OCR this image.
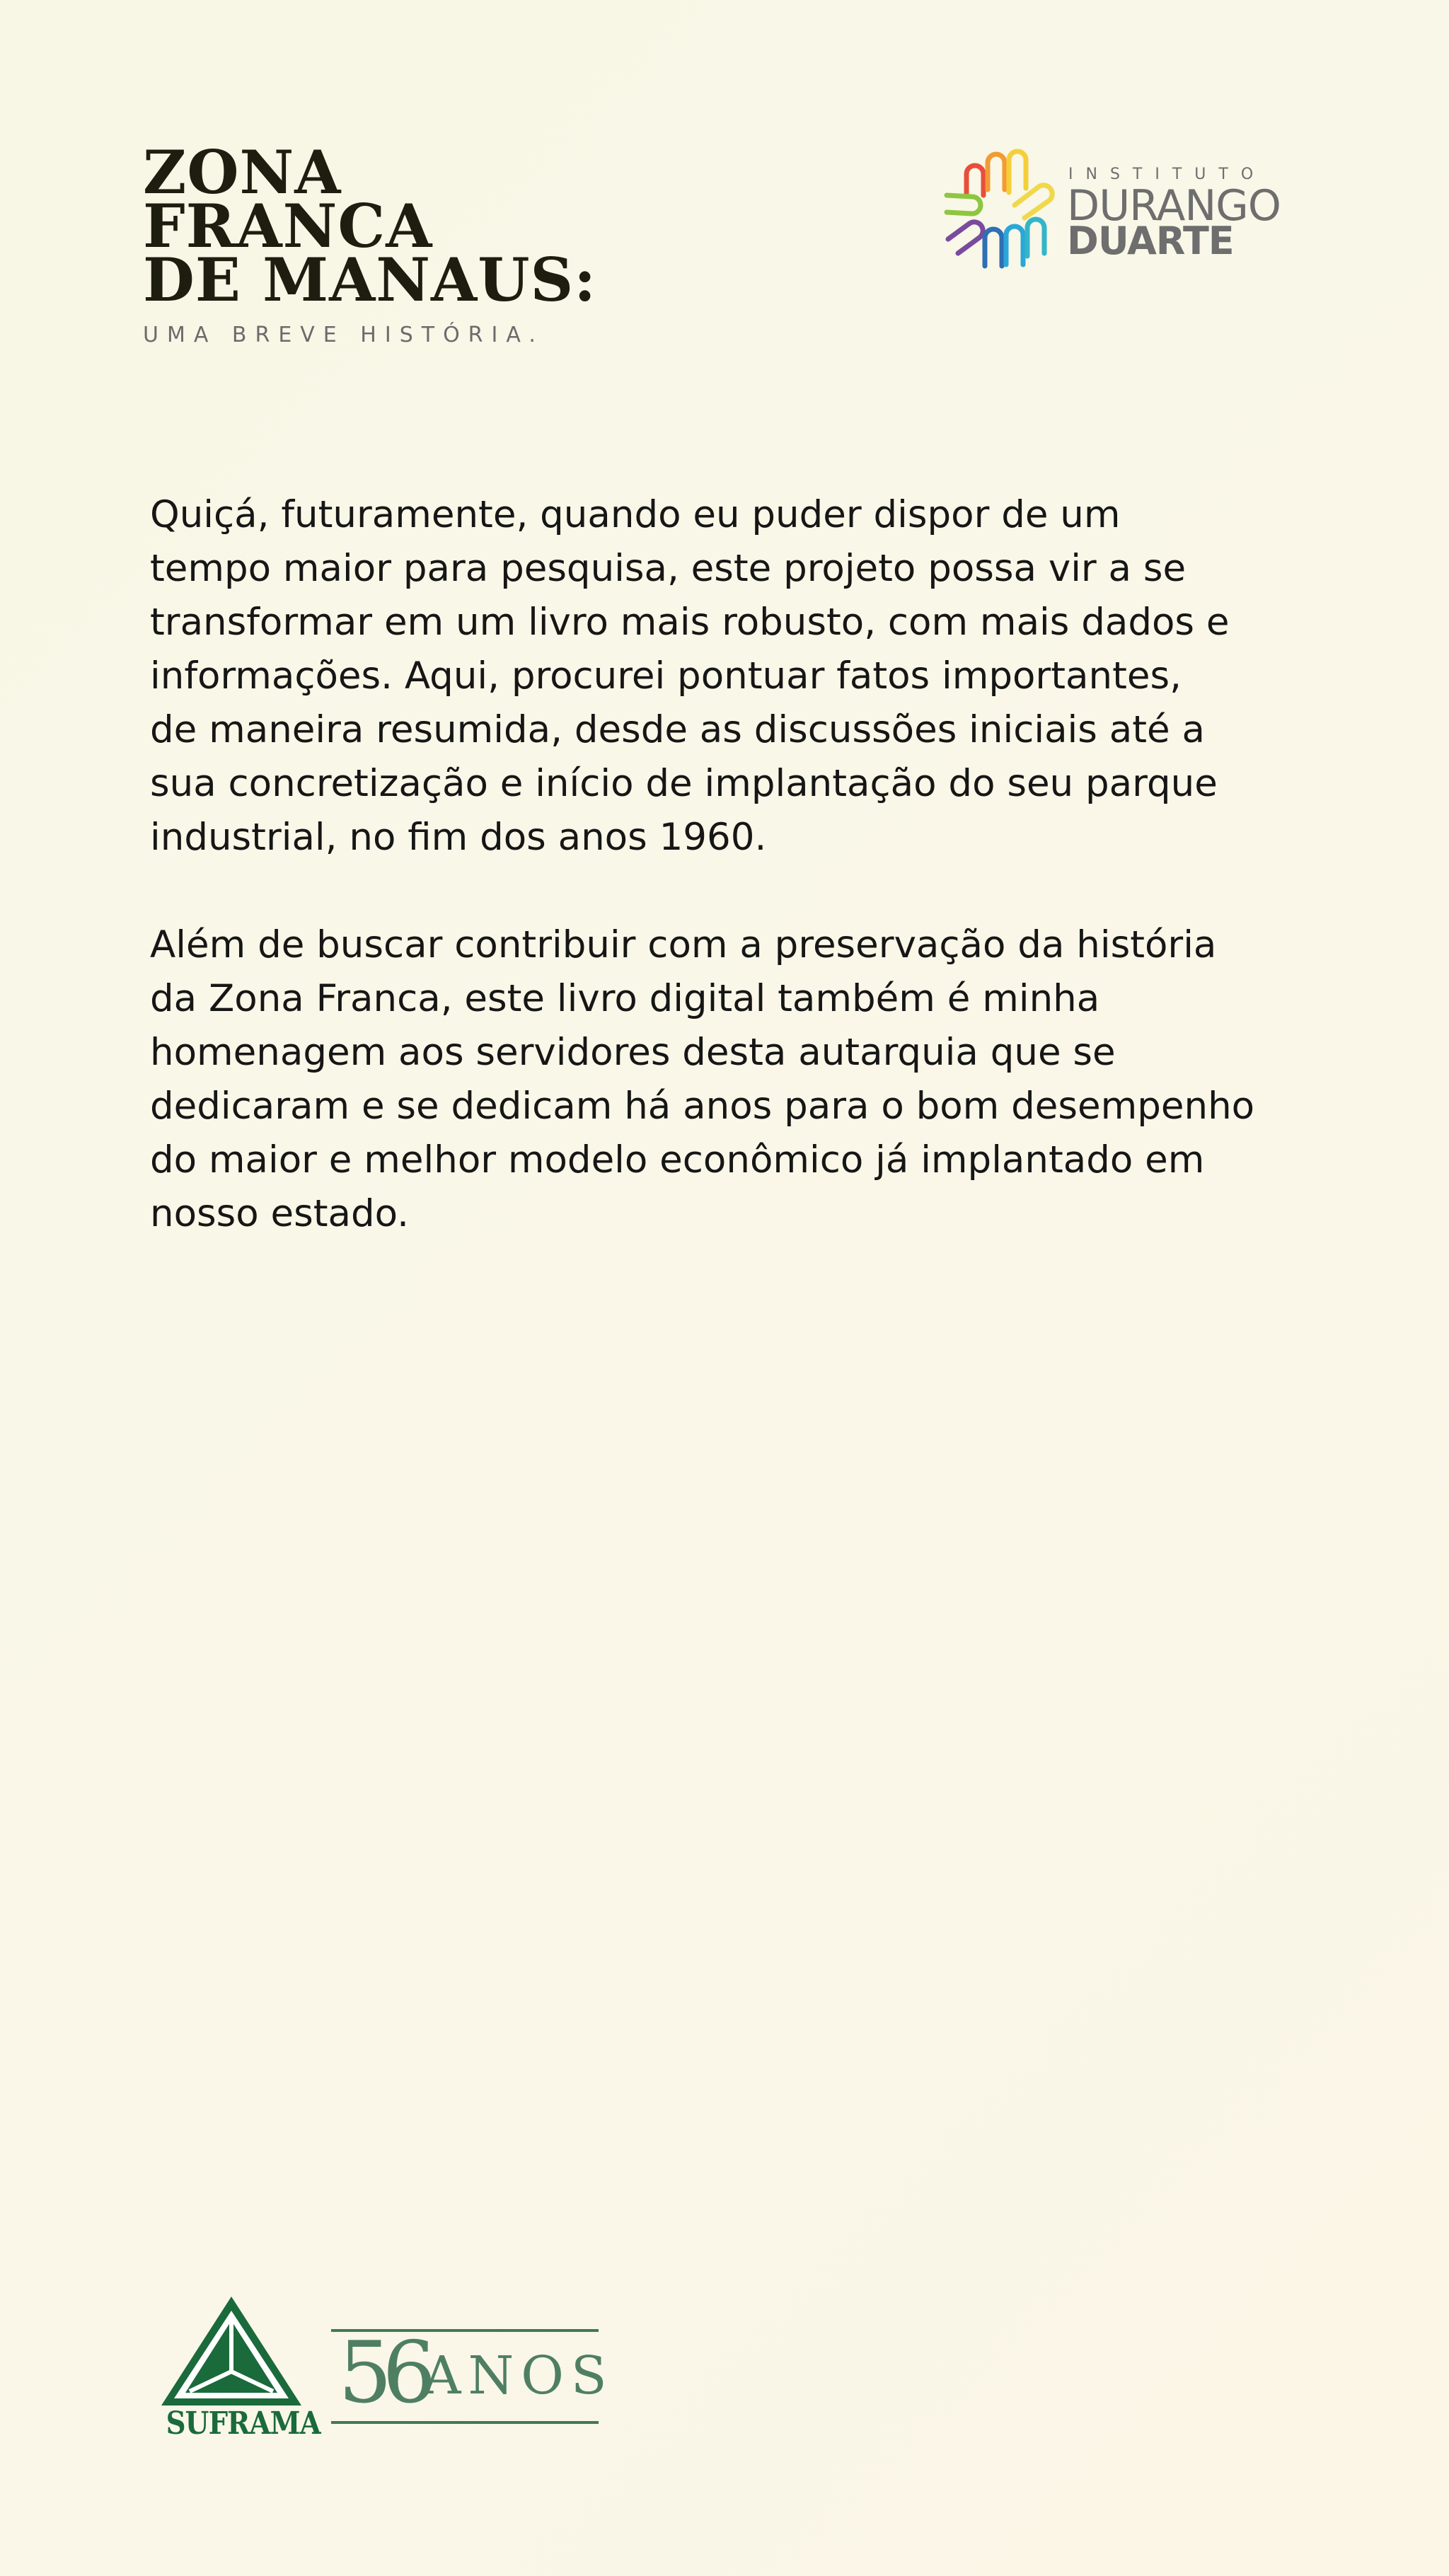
ZONA
FRANCA
DE MANAUS:
UMA BREVE HISTÓRIA.
INSTITUTO
DURANGO
DUARTE

Quiçá, futuramente, quando eu puder dispor de um
tempo maior para pesquisa, este projeto possa vir a se
transformar em um livro mais robusto, com mais dados e
informações. Aqui, procurei pontuar fatos importantes,
de maneira resumida, desde as discussões iniciais até a
sua concretização e início de implantação do seu parque
industrial, no fim dos anos 1960.

Além de buscar contribuir com a preservação da história
da Zona Franca, este livro digital também é minha
homenagem aos servidores desta autarquia que se
dedicaram e se dedicam há anos para o bom desempenho
do maior e melhor modelo econômico já implantado em
nosso estado.

SUFRAMA
56
ANOS
